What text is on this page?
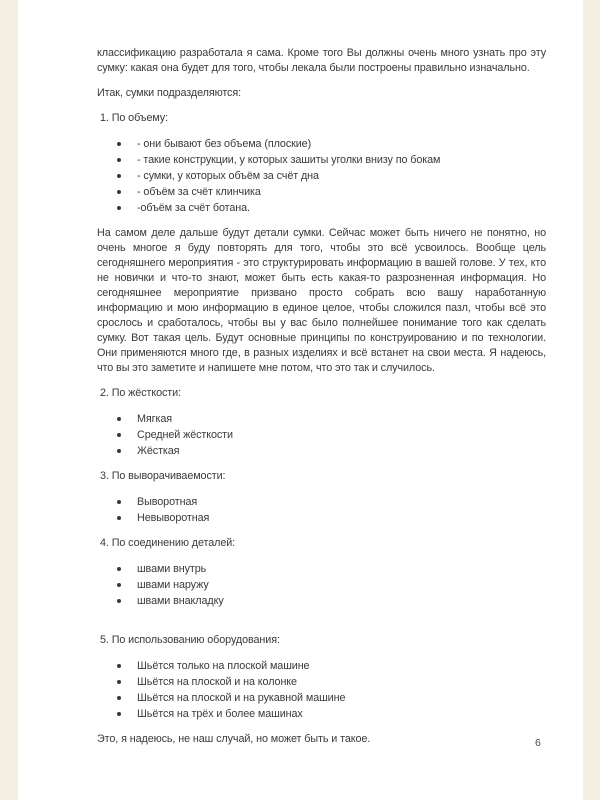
классификацию разработала я сама. Кроме того Вы должны очень много узнать про эту сумку: какая она будет для того, чтобы лекала были построены правильно изначально.

Итак, сумки подразделяются:

1. По объему:

- они бывают без объема (плоские)
- такие конструкции, у которых зашиты уголки внизу по бокам
- сумки, у которых объём за счёт дна
- объём за счёт клинчика
-объём за счёт ботана.

На самом деле дальше будут детали сумки. Сейчас может быть ничего не понятно, но очень многое я буду повторять для того, чтобы это всё усвоилось. Вообще цель сегодняшнего мероприятия - это структурировать информацию в вашей голове. У тех, кто не новички и что-то знают, может быть есть какая-то разрозненная информация. Но сегодняшнее мероприятие призвано просто собрать всю вашу наработанную информацию и мою информацию в единое целое, чтобы сложился пазл, чтобы всё это срослось и сработалось, чтобы вы у вас было полнейшее понимание того как сделать сумку. Вот такая цель. Будут основные принципы по конструированию и по технологии. Они применяются много где, в разных изделиях и всё встанет на свои места. Я надеюсь, что вы это заметите и напишете мне потом, что это так и случилось.

2. По жёсткости:

Мягкая
Средней жёсткости
Жёсткая

3. По выворачиваемости:

Выворотная
Невыворотная

4. По соединению деталей:

швами внутрь
швами наружу
швами внакладку

5. По использованию оборудования:

Шьётся только на плоской машине
Шьётся на плоской и на колонке
Шьётся на плоской и на рукавной машине
Шьётся на трёх и более машинах

Это, я надеюсь, не наш случай, но может быть и такое.	6
